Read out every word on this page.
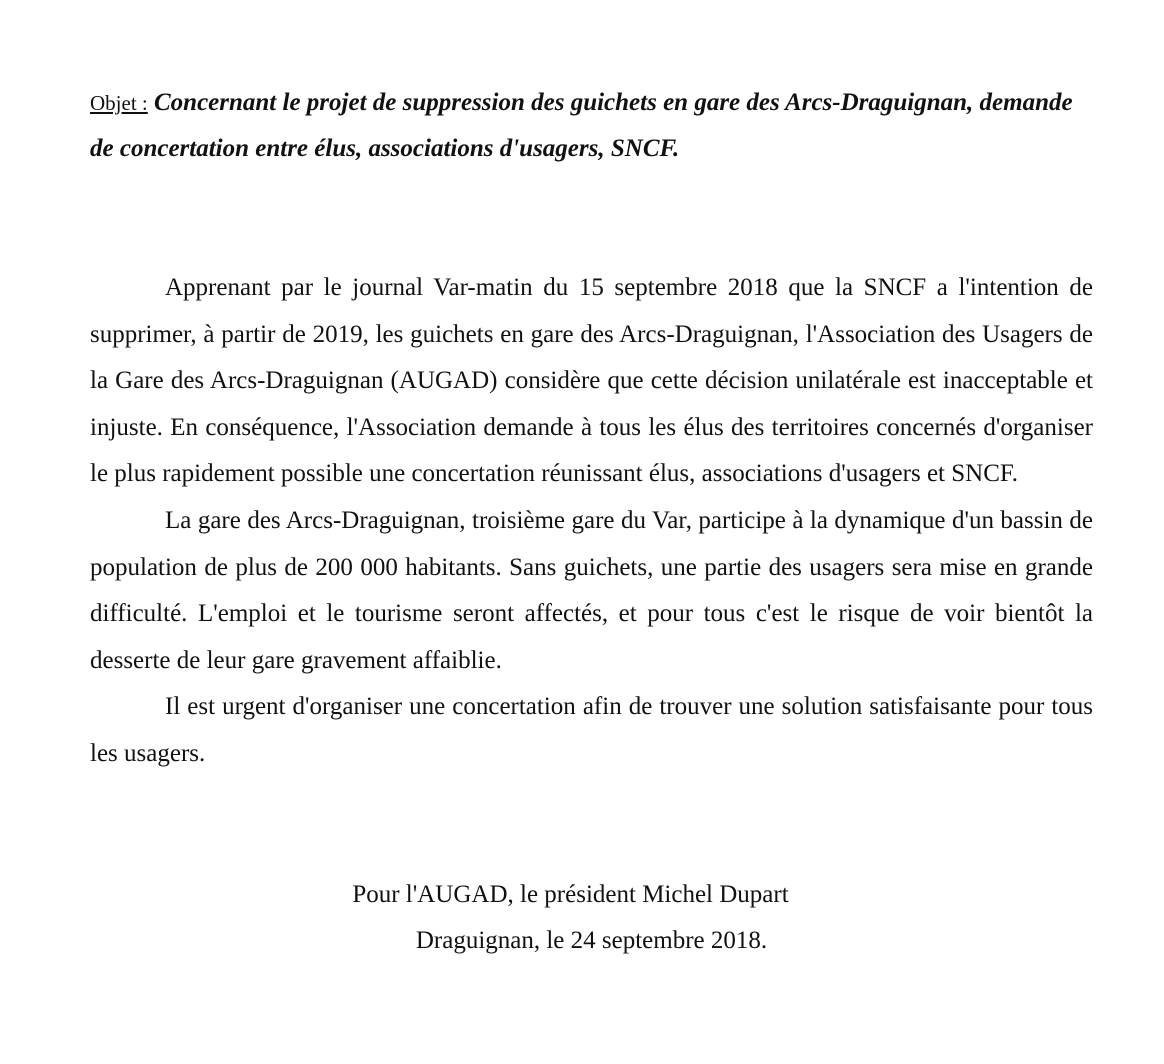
Objet : Concernant le projet de suppression des guichets en gare des Arcs-Draguignan, demande de concertation entre élus, associations d'usagers, SNCF.

Apprenant par le journal Var-matin du 15 septembre 2018 que la SNCF a l'intention de supprimer, à partir de 2019, les guichets en gare des Arcs-Draguignan, l'Association des Usagers de la Gare des Arcs-Draguignan (AUGAD) considère que cette décision unilatérale est inacceptable et injuste. En conséquence, l'Association demande à tous les élus des territoires concernés d'organiser le plus rapidement possible une concertation réunissant élus, associations d'usagers et SNCF.

La gare des Arcs-Draguignan, troisième gare du Var, participe à la dynamique d'un bassin de population de plus de 200 000 habitants. Sans guichets, une partie des usagers sera mise en grande difficulté. L'emploi et le tourisme seront affectés, et pour tous c'est le risque de voir bientôt la desserte de leur gare gravement affaiblie.

Il est urgent d'organiser une concertation afin de trouver une solution satisfaisante pour tous les usagers.

Pour l'AUGAD, le président Michel Dupart
Draguignan, le 24 septembre 2018.
